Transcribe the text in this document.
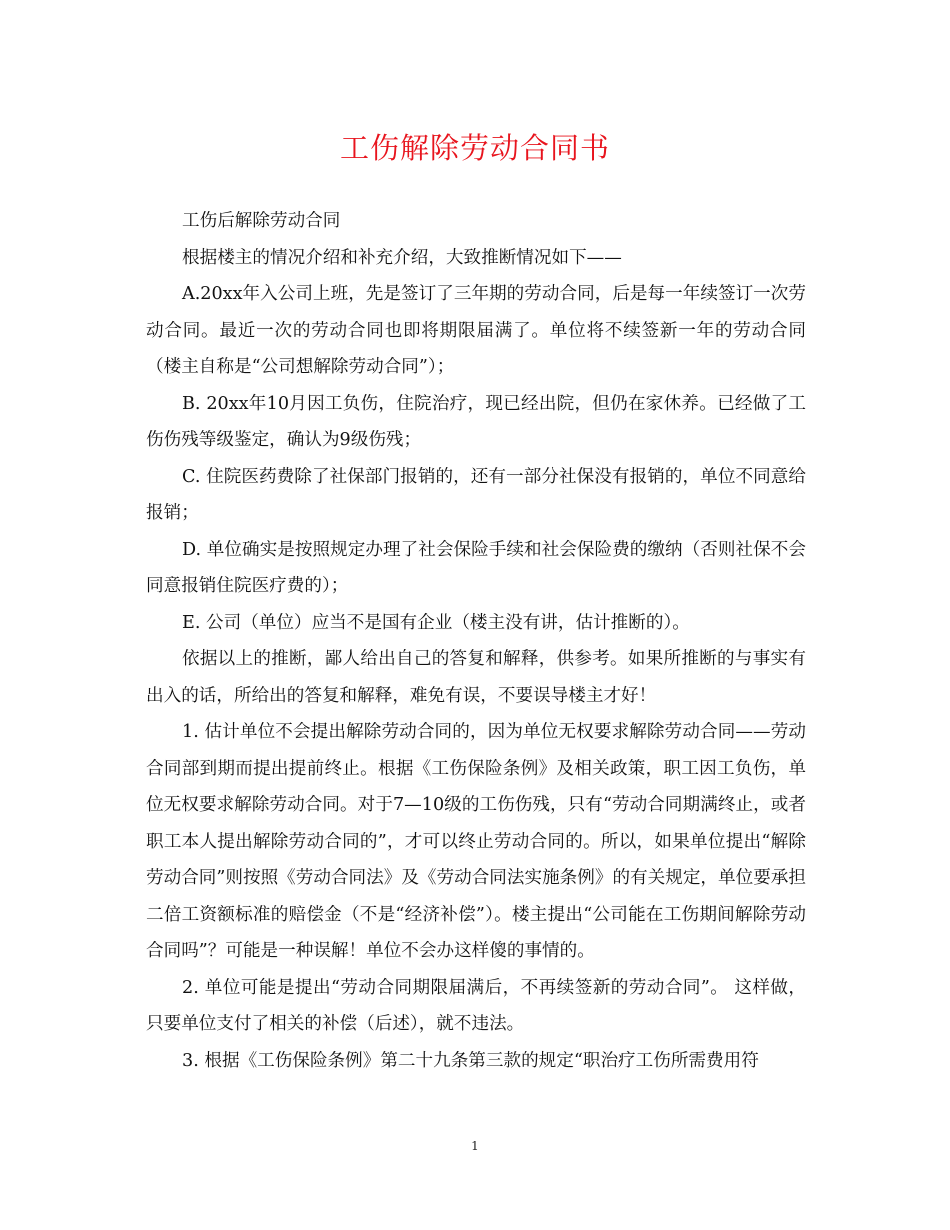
工伤解除劳动合同书

工伤后解除劳动合同

根据楼主的情况介绍和补充介绍，大致推断情况如下——

A.20xx年入公司上班，先是签订了三年期的劳动合同，后是每一年续签订一次劳动合同。最近一次的劳动合同也即将期限届满了。单位将不续签新一年的劳动合同（楼主自称是“公司想解除劳动合同”）；

B. 20xx年10月因工负伤，住院治疗，现已经出院，但仍在家休养。已经做了工伤伤残等级鉴定，确认为9级伤残；

C. 住院医药费除了社保部门报销的，还有一部分社保没有报销的，单位不同意给报销；

D. 单位确实是按照规定办理了社会保险手续和社会保险费的缴纳（否则社保不会同意报销住院医疗费的）；

E. 公司（单位）应当不是国有企业（楼主没有讲，估计推断的）。

依据以上的推断，鄙人给出自己的答复和解释，供参考。如果所推断的与事实有出入的话，所给出的答复和解释，难免有误，不要误导楼主才好！

1. 估计单位不会提出解除劳动合同的，因为单位无权要求解除劳动合同——劳动合同部到期而提出提前终止。根据《工伤保险条例》及相关政策，职工因工负伤，单位无权要求解除劳动合同。对于7—10级的工伤伤残，只有“劳动合同期满终止，或者职工本人提出解除劳动合同的”，才可以终止劳动合同的。所以，如果单位提出“解除劳动合同”则按照《劳动合同法》及《劳动合同法实施条例》的有关规定，单位要承担二倍工资额标准的赔偿金（不是“经济补偿”）。楼主提出“公司能在工伤期间解除劳动合同吗”？可能是一种误解！单位不会办这样傻的事情的。

2. 单位可能是提出“劳动合同期限届满后，不再续签新的劳动合同”。 这样做，只要单位支付了相关的补偿（后述），就不违法。

3. 根据《工伤保险条例》第二十九条第三款的规定“职治疗工伤所需费用符

1
